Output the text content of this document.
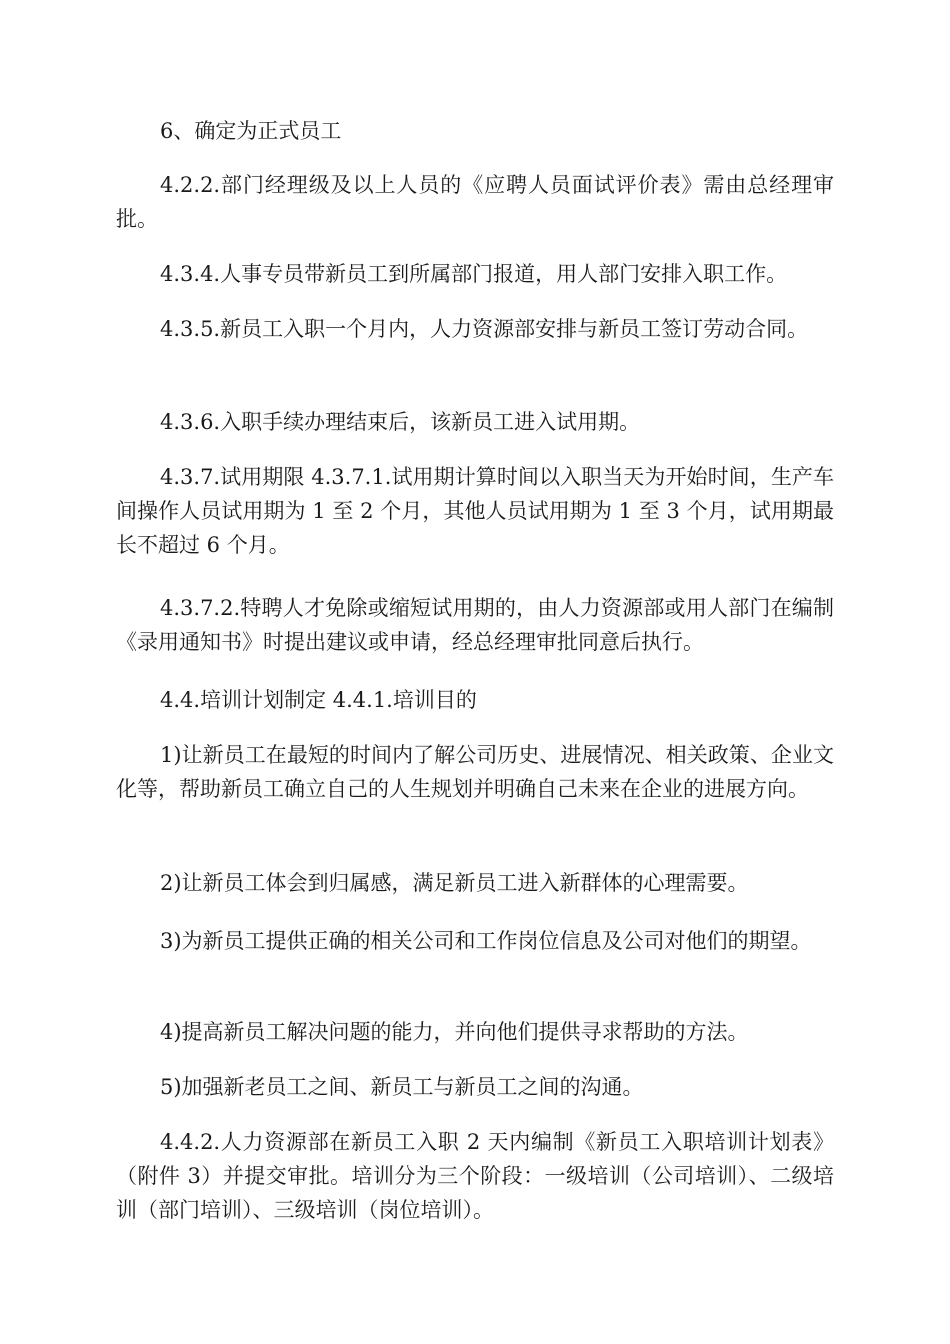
6、确定为正式员工

4.2.2.部门经理级及以上人员的《应聘人员面试评价表》需由总经理审批。

4.3.4.人事专员带新员工到所属部门报道，用人部门安排入职工作。

4.3.5.新员工入职一个月内，人力资源部安排与新员工签订劳动合同。

4.3.6.入职手续办理结束后，该新员工进入试用期。

4.3.7.试用期限 4.3.7.1.试用期计算时间以入职当天为开始时间，生产车间操作人员试用期为 1 至 2 个月，其他人员试用期为 1 至 3 个月，试用期最长不超过 6 个月。

4.3.7.2.特聘人才免除或缩短试用期的，由人力资源部或用人部门在编制《录用通知书》时提出建议或申请，经总经理审批同意后执行。

4.4.培训计划制定 4.4.1.培训目的

1)让新员工在最短的时间内了解公司历史、进展情况、相关政策、企业文化等，帮助新员工确立自己的人生规划并明确自己未来在企业的进展方向。

2)让新员工体会到归属感，满足新员工进入新群体的心理需要。

3)为新员工提供正确的相关公司和工作岗位信息及公司对他们的期望。

4)提高新员工解决问题的能力，并向他们提供寻求帮助的方法。

5)加强新老员工之间、新员工与新员工之间的沟通。

4.4.2.人力资源部在新员工入职 2 天内编制《新员工入职培训计划表》（附件 3）并提交审批。培训分为三个阶段：一级培训（公司培训）、二级培训（部门培训）、三级培训（岗位培训）。
